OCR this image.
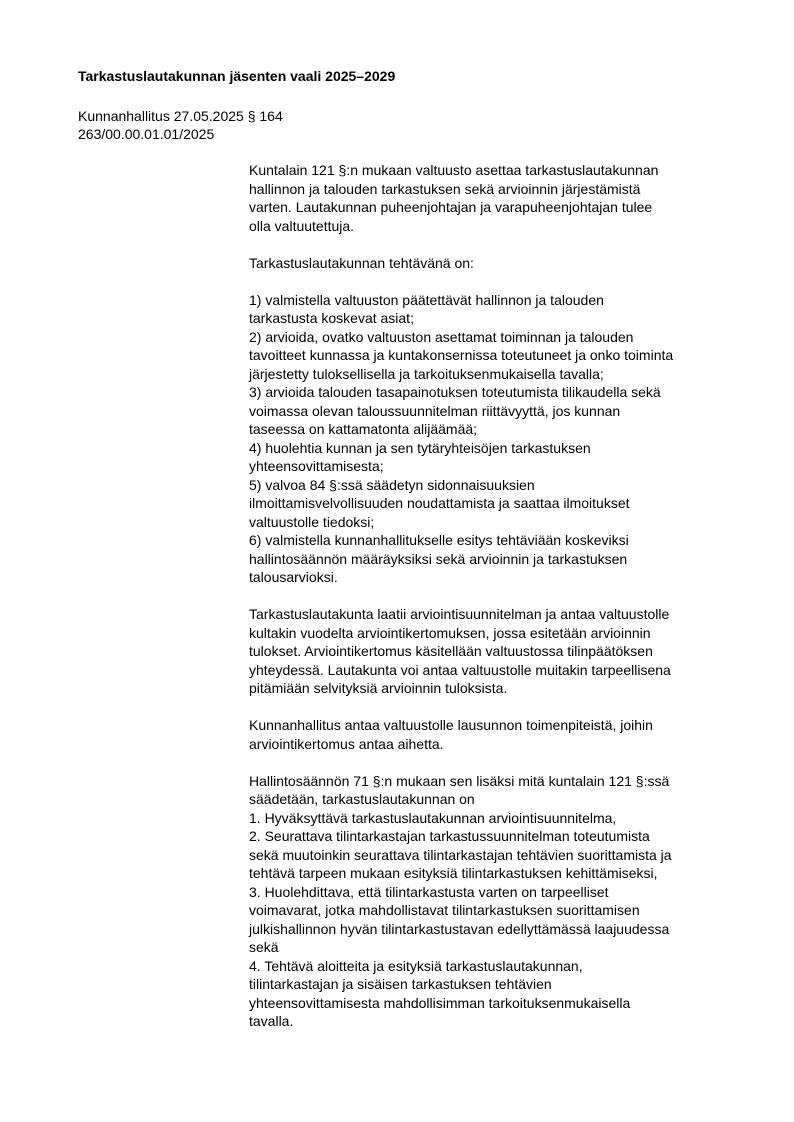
Tarkastuslautakunnan jäsenten vaali 2025–2029
Kunnanhallitus 27.05.2025 § 164
263/00.00.01.01/2025
Kuntalain 121 §:n mukaan valtuusto asettaa tarkastuslautakunnan
hallinnon ja talouden tarkastuksen sekä arvioinnin järjestämistä
varten. Lautakunnan puheenjohtajan ja varapuheenjohtajan tulee
olla valtuutettuja.
Tarkastuslautakunnan tehtävänä on:
1) valmistella valtuuston päätettävät hallinnon ja talouden
tarkastusta koskevat asiat;
2) arvioida, ovatko valtuuston asettamat toiminnan ja talouden
tavoitteet kunnassa ja kuntakonsernissa toteutuneet ja onko toiminta
järjestetty tuloksellisella ja tarkoituksenmukaisella tavalla;
3) arvioida talouden tasapainotuksen toteutumista tilikaudella sekä
voimassa olevan taloussuunnitelman riittävyyttä, jos kunnan
taseessa on kattamatonta alijäämää;
4) huolehtia kunnan ja sen tytäryhteisöjen tarkastuksen
yhteensovittamisesta;
5) valvoa 84 §:ssä säädetyn sidonnaisuuksien
ilmoittamisvelvollisuuden noudattamista ja saattaa ilmoitukset
valtuustolle tiedoksi;
6) valmistella kunnanhallitukselle esitys tehtäviään koskeviksi
hallintosäännön määräyksiksi sekä arvioinnin ja tarkastuksen
talousarvioksi.
Tarkastuslautakunta laatii arviointisuunnitelman ja antaa valtuustolle
kultakin vuodelta arviointikertomuksen, jossa esitetään arvioinnin
tulokset. Arviointikertomus käsitellään valtuustossa tilinpäätöksen
yhteydessä. Lautakunta voi antaa valtuustolle muitakin tarpeellisena
pitämiään selvityksiä arvioinnin tuloksista.
Kunnanhallitus antaa valtuustolle lausunnon toimenpiteistä, joihin
arviointikertomus antaa aihetta.
Hallintosäännön 71 §:n mukaan sen lisäksi mitä kuntalain 121 §:ssä
säädetään, tarkastuslautakunnan on
1. Hyväksyttävä tarkastuslautakunnan arviointisuunnitelma,
2. Seurattava tilintarkastajan tarkastussuunnitelman toteutumista
sekä muutoinkin seurattava tilintarkastajan tehtävien suorittamista ja
tehtävä tarpeen mukaan esityksiä tilintarkastuksen kehittämiseksi,
3. Huolehdittava, että tilintarkastusta varten on tarpeelliset
voimavarat, jotka mahdollistavat tilintarkastuksen suorittamisen
julkishallinnon hyvän tilintarkastustavan edellyttämässä laajuudessa
sekä
4. Tehtävä aloitteita ja esityksiä tarkastuslautakunnan,
tilintarkastajan ja sisäisen tarkastuksen tehtävien
yhteensovittamisesta mahdollisimman tarkoituksenmukaisella
tavalla.
